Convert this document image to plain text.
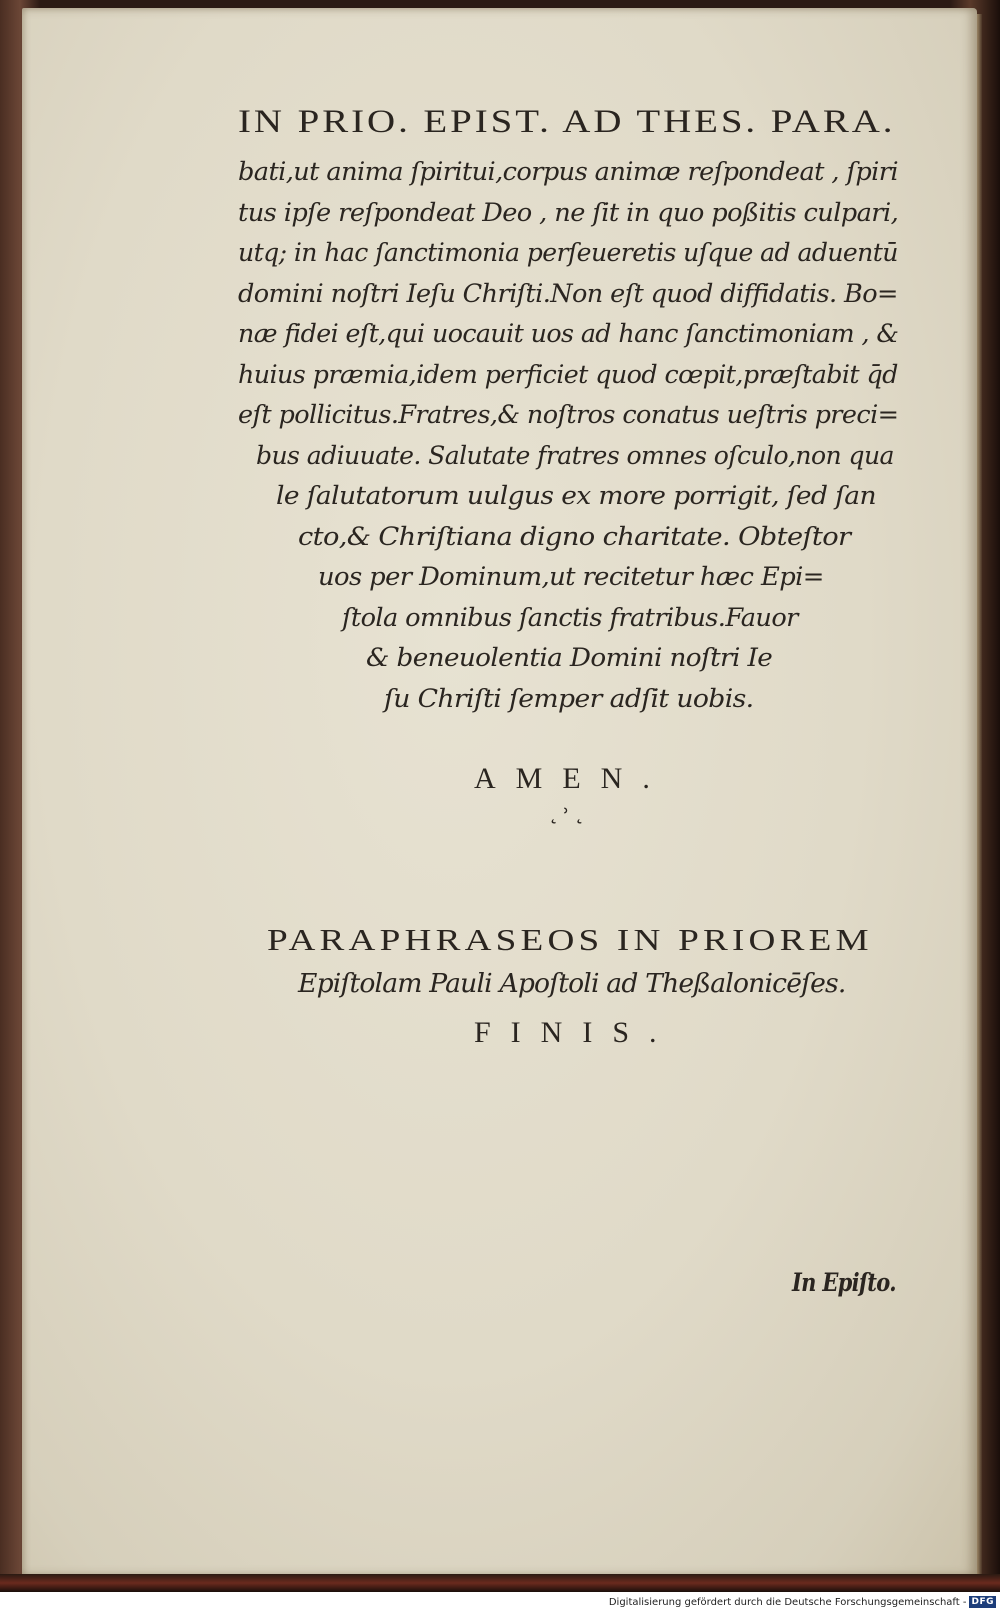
IN PRIO. EPIST. AD THES. PARA.
bati,ut anima ſpiritui,corpus animæ reſpondeat , ſpiri
tus ipſe reſpondeat Deo , ne ſit in quo poßitis culpari,
utq; in hac ſanctimonia perſeueretis uſque ad aduentū
domini noſtri Ieſu Chriſti.Non eſt quod diffidatis. Bo=
næ fidei eſt,qui uocauit uos ad hanc ſanctimoniam , &
huius præmia,idem perficiet quod cœpit,præſtabit q̄d
eſt pollicitus.Fratres,& noſtros conatus ueſtris preci=
bus adiuuate. Salutate fratres omnes oſculo,non qua
le ſalutatorum uulgus ex more porrigit, ſed ſan
cto,& Chriſtiana digno charitate. Obteſtor
uos per Dominum,ut recitetur hæc Epi=
ſtola omnibus ſanctis fratribus.Fauor
& beneuolentia Domini noſtri Ie
ſu Chriſti ſemper adſit uobis.
AMEN.
˛˒˛
PARAPHRASEOS IN PRIOREM
Epiſtolam Pauli Apoſtoli ad Theßalonicēſes.
FINIS.
In Epiſto.
Digitalisierung gefördert durch die Deutsche Forschungsgemeinschaft - DFG
